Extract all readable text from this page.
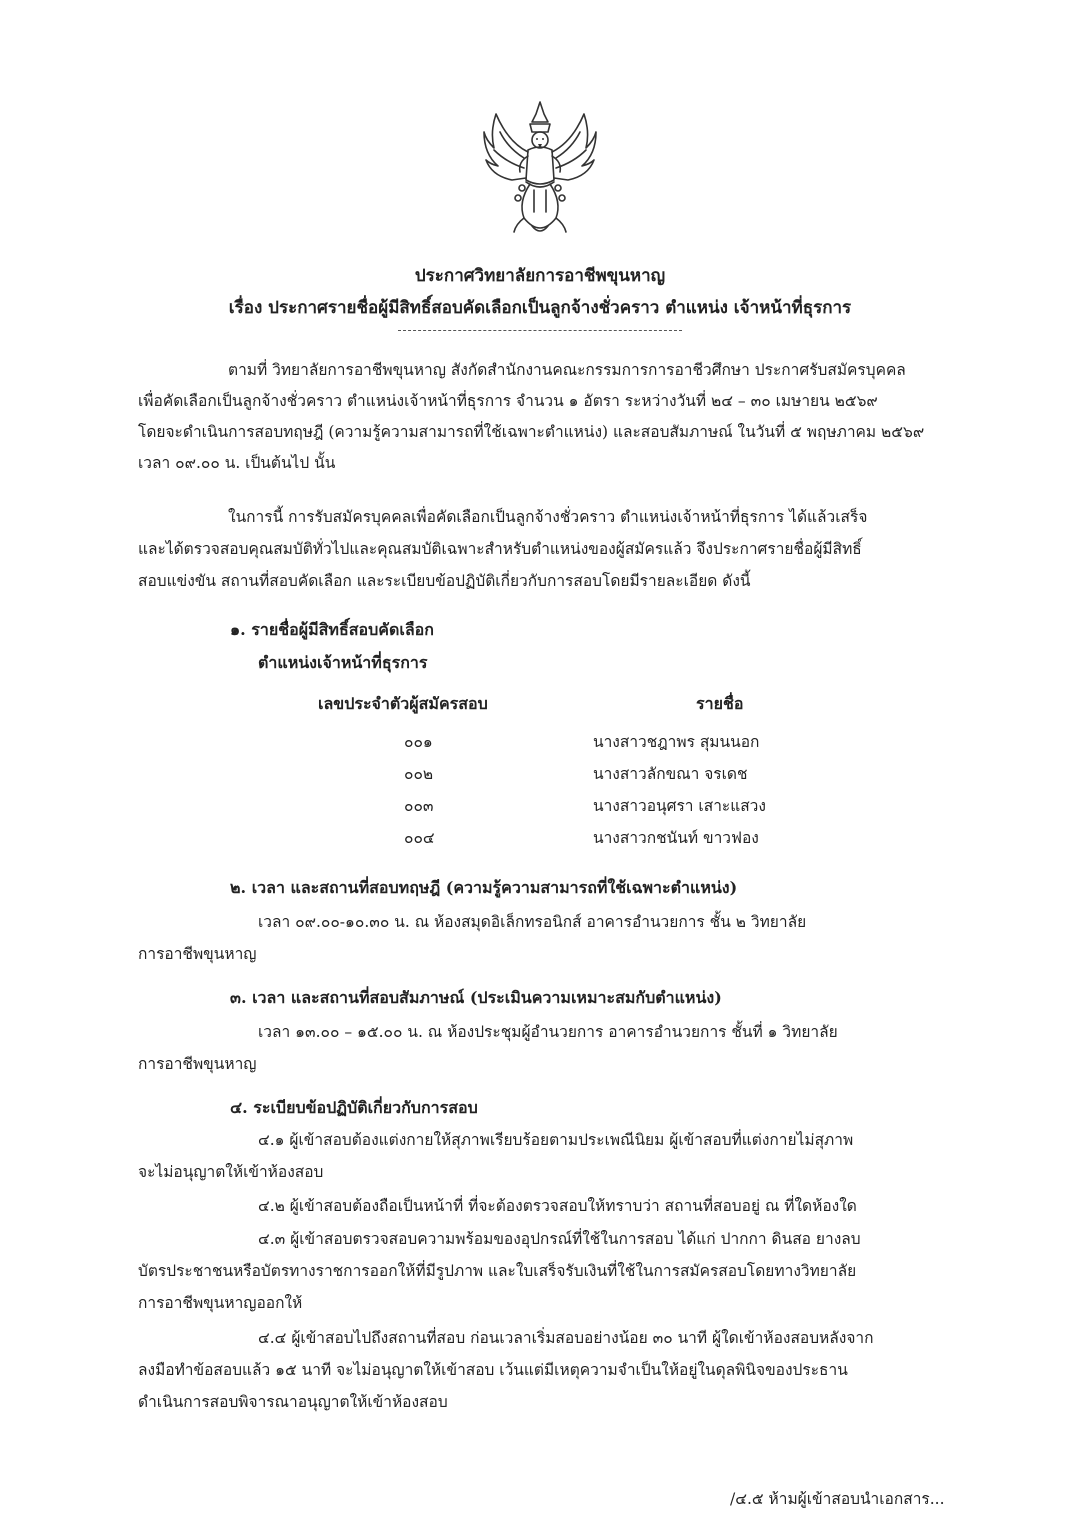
ประกาศวิทยาลัยการอาชีพขุนหาญ
เรื่อง ประกาศรายชื่อผู้มีสิทธิ์สอบคัดเลือกเป็นลูกจ้างชั่วคราว ตำแหน่ง เจ้าหน้าที่ธุรการ
ตามที่ วิทยาลัยการอาชีพขุนหาญ สังกัดสำนักงานคณะกรรมการการอาชีวศึกษา ประกาศรับสมัครบุคคล
เพื่อคัดเลือกเป็นลูกจ้างชั่วคราว ตำแหน่งเจ้าหน้าที่ธุรการ จำนวน ๑ อัตรา ระหว่างวันที่ ๒๔ – ๓๐ เมษายน ๒๕๖๙
โดยจะดำเนินการสอบทฤษฎี (ความรู้ความสามารถที่ใช้เฉพาะตำแหน่ง) และสอบสัมภาษณ์ ในวันที่ ๕ พฤษภาคม ๒๕๖๙
เวลา ๐๙.๐๐ น. เป็นต้นไป นั้น
ในการนี้ การรับสมัครบุคคลเพื่อคัดเลือกเป็นลูกจ้างชั่วคราว ตำแหน่งเจ้าหน้าที่ธุรการ ได้แล้วเสร็จ
และได้ตรวจสอบคุณสมบัติทั่วไปและคุณสมบัติเฉพาะสำหรับตำแหน่งของผู้สมัครแล้ว จึงประกาศรายชื่อผู้มีสิทธิ์
สอบแข่งขัน สถานที่สอบคัดเลือก และระเบียบข้อปฏิบัติเกี่ยวกับการสอบโดยมีรายละเอียด ดังนี้
๑. รายชื่อผู้มีสิทธิ์สอบคัดเลือก
ตำแหน่งเจ้าหน้าที่ธุรการ
เลขประจำตัวผู้สมัครสอบ	รายชื่อ
๐๐๑	นางสาวชฎาพร สุมนนอก
๐๐๒	นางสาวลักขณา จรเดช
๐๐๓	นางสาวอนุศรา เสาะแสวง
๐๐๔	นางสาวกชนันท์ ขาวฟอง
๒. เวลา และสถานที่สอบทฤษฎี (ความรู้ความสามารถที่ใช้เฉพาะตำแหน่ง)
เวลา ๐๙.๐๐-๑๐.๓๐ น. ณ ห้องสมุดอิเล็กทรอนิกส์ อาคารอำนวยการ ชั้น ๒ วิทยาลัย
การอาชีพขุนหาญ
๓. เวลา และสถานที่สอบสัมภาษณ์ (ประเมินความเหมาะสมกับตำแหน่ง)
เวลา ๑๓.๐๐ – ๑๕.๐๐ น. ณ ห้องประชุมผู้อำนวยการ อาคารอำนวยการ ชั้นที่ ๑ วิทยาลัย
การอาชีพขุนหาญ
๔. ระเบียบข้อปฏิบัติเกี่ยวกับการสอบ
๔.๑ ผู้เข้าสอบต้องแต่งกายให้สุภาพเรียบร้อยตามประเพณีนิยม ผู้เข้าสอบที่แต่งกายไม่สุภาพ
จะไม่อนุญาตให้เข้าห้องสอบ
๔.๒ ผู้เข้าสอบต้องถือเป็นหน้าที่ ที่จะต้องตรวจสอบให้ทราบว่า สถานที่สอบอยู่ ณ ที่ใดห้องใด
๔.๓ ผู้เข้าสอบตรวจสอบความพร้อมของอุปกรณ์ที่ใช้ในการสอบ ได้แก่ ปากกา ดินสอ ยางลบ
บัตรประชาชนหรือบัตรทางราชการออกให้ที่มีรูปภาพ และใบเสร็จรับเงินที่ใช้ในการสมัครสอบโดยทางวิทยาลัย
การอาชีพขุนหาญออกให้
๔.๔ ผู้เข้าสอบไปถึงสถานที่สอบ ก่อนเวลาเริ่มสอบอย่างน้อย ๓๐ นาที ผู้ใดเข้าห้องสอบหลังจาก
ลงมือทำข้อสอบแล้ว ๑๕ นาที จะไม่อนุญาตให้เข้าสอบ เว้นแต่มีเหตุความจำเป็นให้อยู่ในดุลพินิจของประธาน
ดำเนินการสอบพิจารณาอนุญาตให้เข้าห้องสอบ
/๔.๕ ห้ามผู้เข้าสอบนำเอกสาร...
